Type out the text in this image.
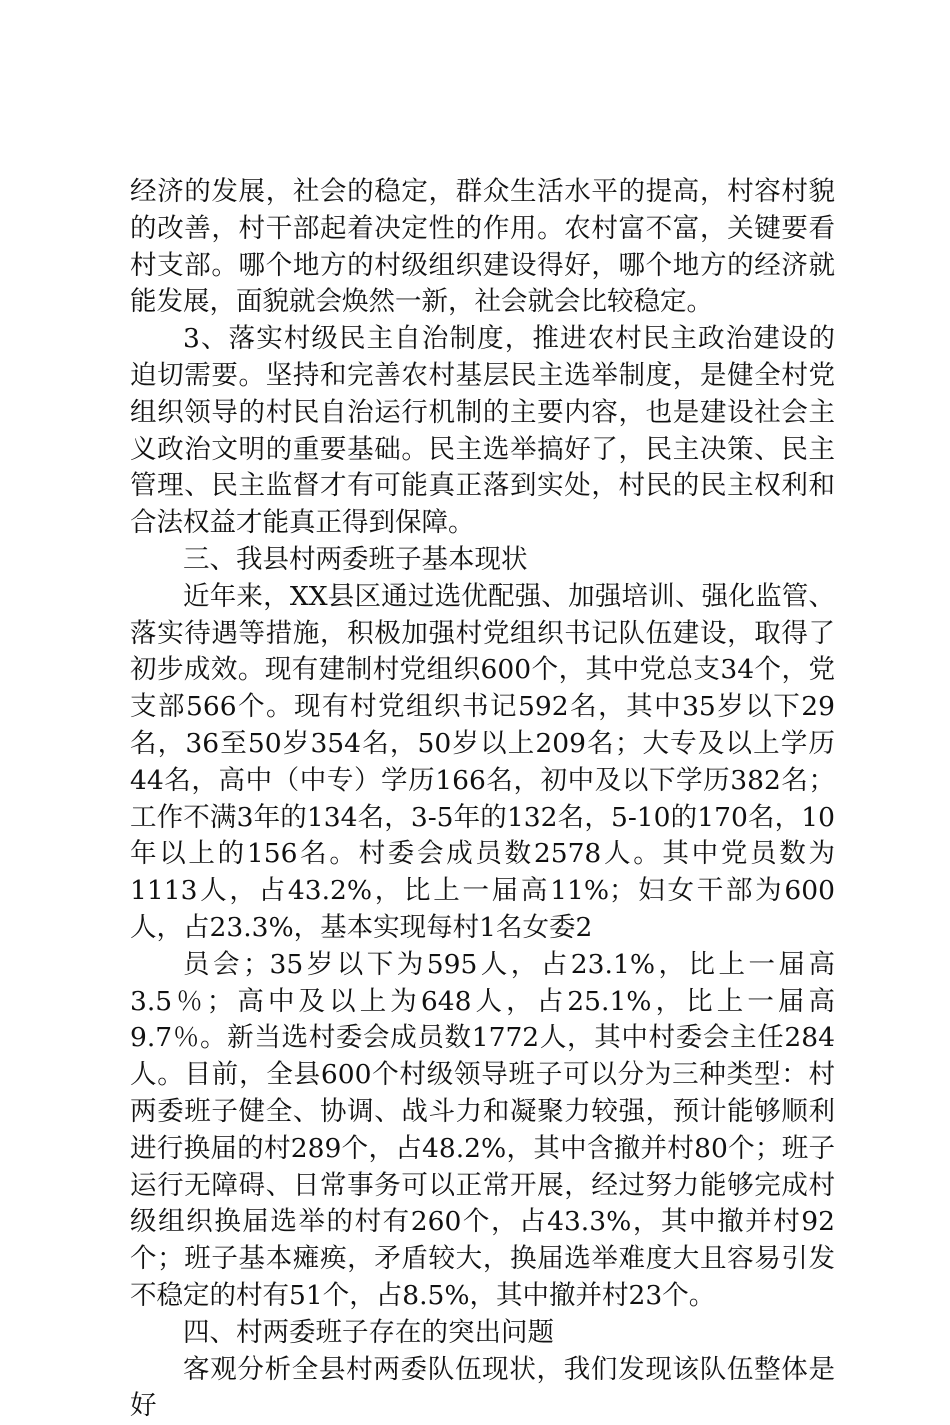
经济的发展，社会的稳定，群众生活水平的提高，村容村貌的改善，村干部起着决定性的作用。农村富不富，关键要看村支部。哪个地方的村级组织建设得好，哪个地方的经济就能发展，面貌就会焕然一新，社会就会比较稳定。

3、落实村级民主自治制度，推进农村民主政治建设的迫切需要。坚持和完善农村基层民主选举制度，是健全村党组织领导的村民自治运行机制的主要内容，也是建设社会主义政治文明的重要基础。民主选举搞好了，民主决策、民主管理、民主监督才有可能真正落到实处，村民的民主权利和合法权益才能真正得到保障。

三、我县村两委班子基本现状

近年来，XX县区通过选优配强、加强培训、强化监管、落实待遇等措施，积极加强村党组织书记队伍建设，取得了初步成效。现有建制村党组织600个，其中党总支34个，党支部566个。现有村党组织书记592名，其中35岁以下29名，36至50岁354名，50岁以上209名；大专及以上学历44名，高中（中专）学历166名，初中及以下学历382名；工作不满3年的134名，3-5年的132名，5-10的170名，10年以上的156名。村委会成员数2578人。其中党员数为1113人，占43.2%，比上一届高11%；妇女干部为600人，占23.3%，基本实现每村1名女委2

员会；35岁以下为595人，占23.1%，比上一届高3.5％；高中及以上为648人，占25.1%，比上一届高9.7％。新当选村委会成员数1772人，其中村委会主任284人。目前，全县600个村级领导班子可以分为三种类型：村两委班子健全、协调、战斗力和凝聚力较强，预计能够顺利进行换届的村289个，占48.2%，其中含撤并村80个；班子运行无障碍、日常事务可以正常开展，经过努力能够完成村级组织换届选举的村有260个，占43.3%，其中撤并村92个；班子基本瘫痪，矛盾较大，换届选举难度大且容易引发不稳定的村有51个，占8.5%，其中撤并村23个。

四、村两委班子存在的突出问题

客观分析全县村两委队伍现状，我们发现该队伍整体是好
